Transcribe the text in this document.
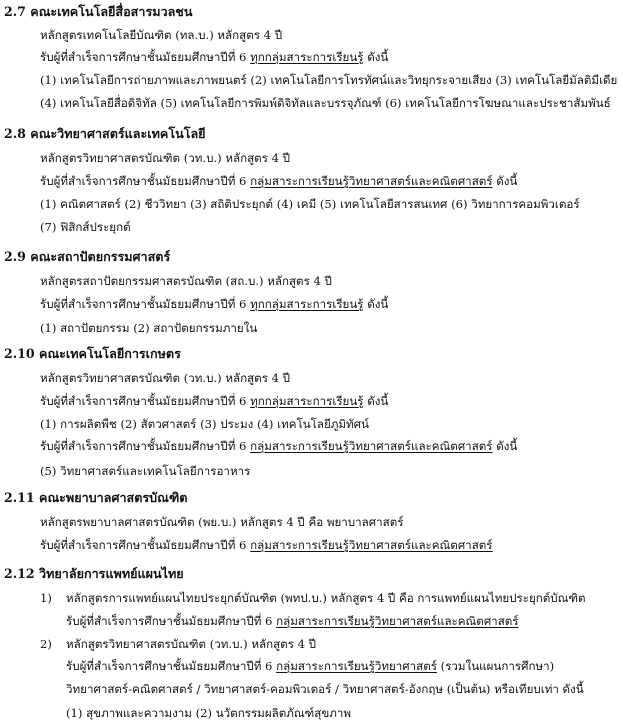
2.7 คณะเทคโนโลยีสื่อสารมวลชน
หลักสูตรเทคโนโลยีบัณฑิต (ทล.บ.) หลักสูตร 4 ปี
รับผู้ที่สำเร็จการศึกษาชั้นมัธยมศึกษาปีที่ 6 ทุกกลุ่มสาระการเรียนรู้ ดังนี้
(1) เทคโนโลยีการถ่ายภาพและภาพยนตร์ (2) เทคโนโลยีการโทรทัศน์และวิทยุกระจายเสียง (3) เทคโนโลยีมัลติมีเดีย
(4) เทคโนโลยีสื่อดิจิทัล (5) เทคโนโลยีการพิมพ์ดิจิทัลและบรรจุภัณฑ์ (6) เทคโนโลยีการโฆษณาและประชาสัมพันธ์
2.8 คณะวิทยาศาสตร์และเทคโนโลยี
หลักสูตรวิทยาศาสตรบัณฑิต (วท.บ.) หลักสูตร 4 ปี
รับผู้ที่สำเร็จการศึกษาชั้นมัธยมศึกษาปีที่ 6 กลุ่มสาระการเรียนรู้วิทยาศาสตร์และคณิตศาสตร์ ดังนี้
(1) คณิตศาสตร์ (2) ชีววิทยา (3) สถิติประยุกต์ (4) เคมี (5) เทคโนโลยีสารสนเทศ (6) วิทยาการคอมพิวเตอร์
(7) ฟิสิกส์ประยุกต์
2.9 คณะสถาปัตยกรรมศาสตร์
หลักสูตรสถาปัตยกรรมศาสตรบัณฑิต (สถ.บ.) หลักสูตร 4 ปี
รับผู้ที่สำเร็จการศึกษาชั้นมัธยมศึกษาปีที่ 6 ทุกกลุ่มสาระการเรียนรู้ ดังนี้
(1) สถาปัตยกรรม (2) สถาปัตยกรรมภายใน
2.10 คณะเทคโนโลยีการเกษตร
หลักสูตรวิทยาศาสตรบัณฑิต (วท.บ.) หลักสูตร 4 ปี
รับผู้ที่สำเร็จการศึกษาชั้นมัธยมศึกษาปีที่ 6 ทุกกลุ่มสาระการเรียนรู้ ดังนี้
(1) การผลิตพืช (2) สัตวศาสตร์ (3) ประมง (4) เทคโนโลยีภูมิทัศน์
รับผู้ที่สำเร็จการศึกษาชั้นมัธยมศึกษาปีที่ 6 กลุ่มสาระการเรียนรู้วิทยาศาสตร์และคณิตศาสตร์ ดังนี้
(5) วิทยาศาสตร์และเทคโนโลยีการอาหาร
2.11 คณะพยาบาลศาสตรบัณฑิต
หลักสูตรพยาบาลศาสตรบัณฑิต (พย.บ.) หลักสูตร 4 ปี คือ พยาบาลศาสตร์
รับผู้ที่สำเร็จการศึกษาชั้นมัธยมศึกษาปีที่ 6 กลุ่มสาระการเรียนรู้วิทยาศาสตร์และคณิตศาสตร์
2.12 วิทยาลัยการแพทย์แผนไทย
1) หลักสูตรการแพทย์แผนไทยประยุกต์บัณฑิต (พทป.บ.) หลักสูตร 4 ปี คือ การแพทย์แผนไทยประยุกต์บัณฑิต
รับผู้ที่สำเร็จการศึกษาชั้นมัธยมศึกษาปีที่ 6 กลุ่มสาระการเรียนรู้วิทยาศาสตร์และคณิตศาสตร์
2) หลักสูตรวิทยาศาสตรบัณฑิต (วท.บ.) หลักสูตร 4 ปี
รับผู้ที่สำเร็จการศึกษาชั้นมัธยมศึกษาปีที่ 6 กลุ่มสาระการเรียนรู้วิทยาศาสตร์ (รวมในแผนการศึกษา)
วิทยาศาสตร์-คณิตศาสตร์ / วิทยาศาสตร์-คอมพิวเตอร์ / วิทยาศาสตร์-อังกฤษ (เป็นต้น) หรือเทียบเท่า ดังนี้
(1) สุขภาพและความงาม (2) นวัตกรรมผลิตภัณฑ์สุขภาพ
